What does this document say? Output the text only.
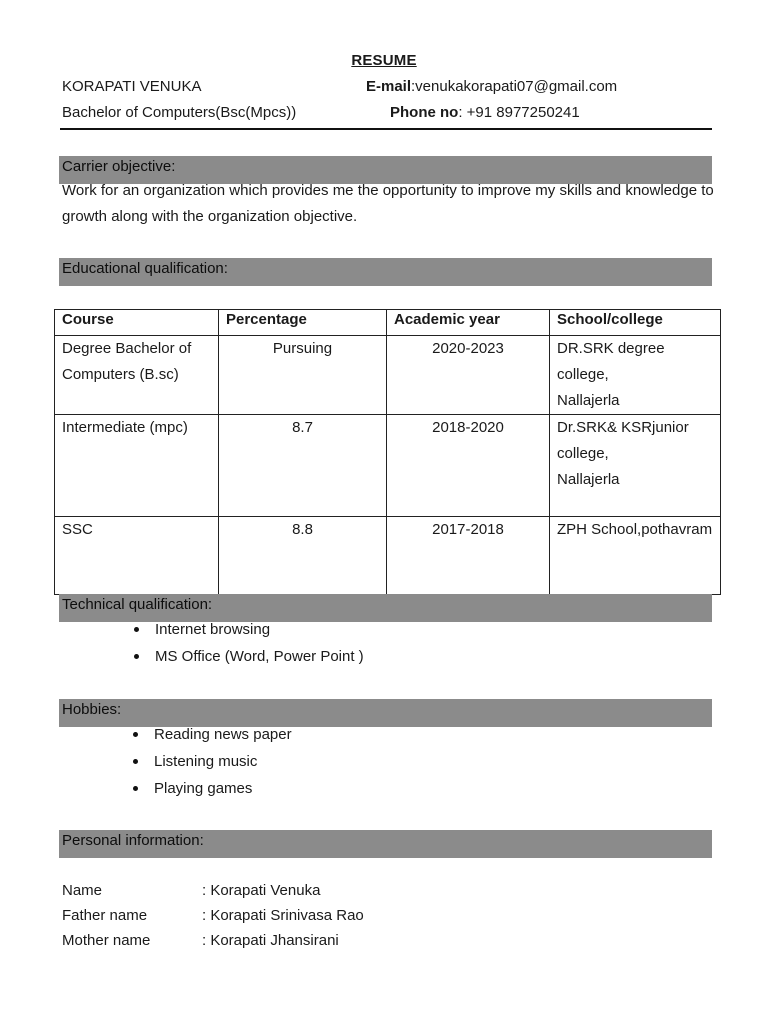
RESUME
KORAPATI VENUKA
Bachelor of Computers(Bsc(Mpcs))
E-mail:venukakorapati07@gmail.com
Phone no: +91 8977250241
Carrier objective:
Work for an organization which provides me the opportunity to improve my skills and knowledge to growth along with the organization objective.
Educational qualification:
Course	Percentage	Academic year	School/college

Degree Bachelor of
Computers (B.sc)	Pursuing	2020-2023	DR.SRK degree college,
Nallajerla

Intermediate (mpc)	8.7	2018-2020	Dr.SRK& KSRjunior
college,
Nallajerla

SSC	8.8	2017-2018	ZPH School,pothavram
Technical qualification:
Internet browsing
MS Office (Word, Power Point )
Hobbies:
Reading news paper
Listening music
Playing games
Personal information:
Name	: Korapati Venuka
Father name	: Korapati Srinivasa Rao
Mother name	: Korapati Jhansirani
